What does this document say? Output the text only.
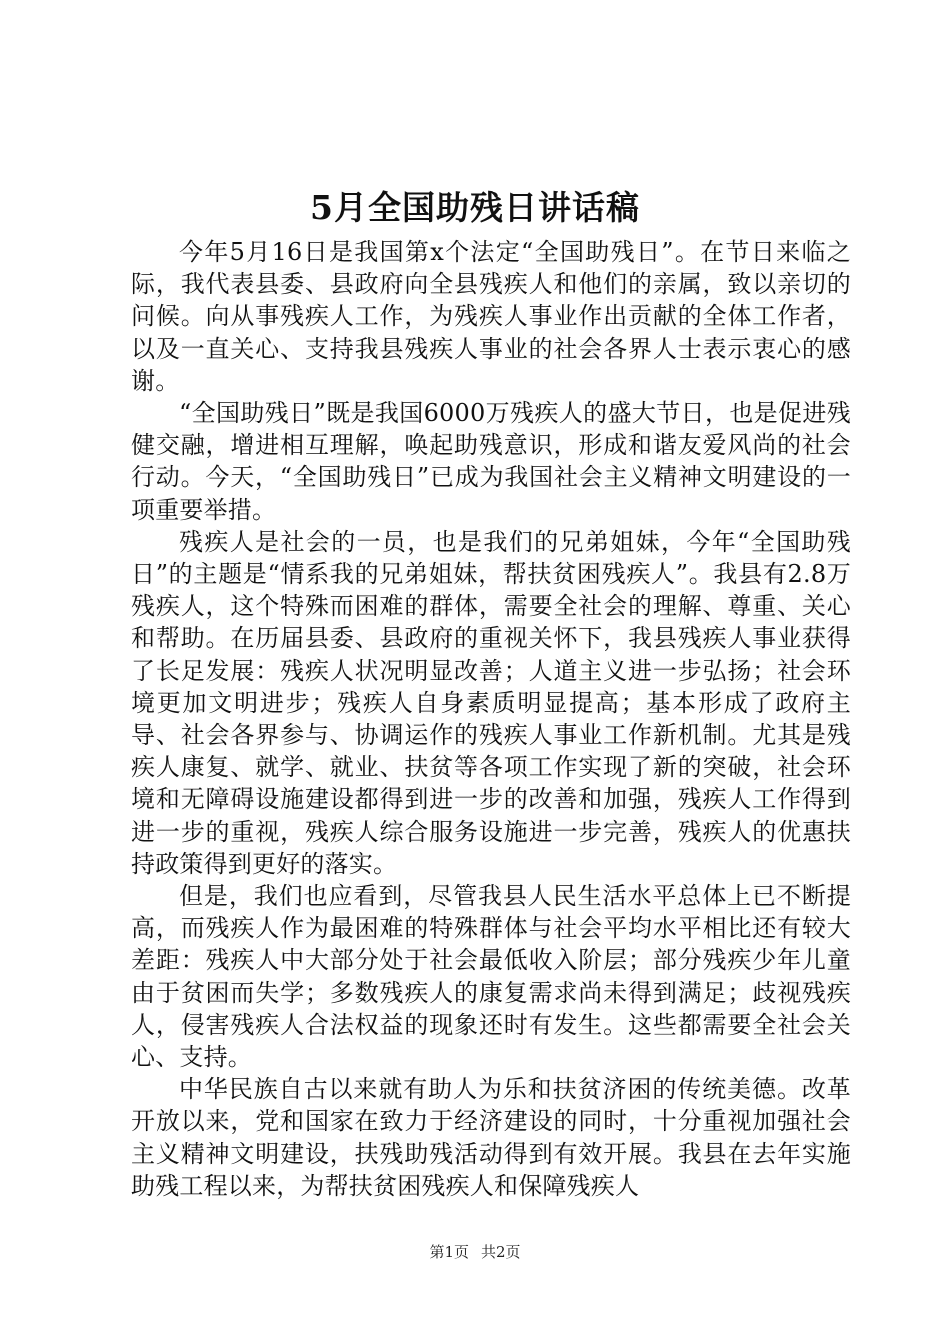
5月全国助残日讲话稿

今年5月16日是我国第x个法定“全国助残日”。在节日来临之际，我代表县委、县政府向全县残疾人和他们的亲属，致以亲切的问候。向从事残疾人工作，为残疾人事业作出贡献的全体工作者，以及一直关心、支持我县残疾人事业的社会各界人士表示衷心的感谢。

“全国助残日”既是我国6000万残疾人的盛大节日，也是促进残健交融，增进相互理解，唤起助残意识，形成和谐友爱风尚的社会行动。今天，“全国助残日”已成为我国社会主义精神文明建设的一项重要举措。

残疾人是社会的一员，也是我们的兄弟姐妹，今年“全国助残日”的主题是“情系我的兄弟姐妹，帮扶贫困残疾人”。我县有2.8万残疾人，这个特殊而困难的群体，需要全社会的理解、尊重、关心和帮助。在历届县委、县政府的重视关怀下，我县残疾人事业获得了长足发展：残疾人状况明显改善；人道主义进一步弘扬；社会环境更加文明进步；残疾人自身素质明显提高；基本形成了政府主导、社会各界参与、协调运作的残疾人事业工作新机制。尤其是残疾人康复、就学、就业、扶贫等各项工作实现了新的突破，社会环境和无障碍设施建设都得到进一步的改善和加强，残疾人工作得到进一步的重视，残疾人综合服务设施进一步完善，残疾人的优惠扶持政策得到更好的落实。

但是，我们也应看到，尽管我县人民生活水平总体上已不断提高，而残疾人作为最困难的特殊群体与社会平均水平相比还有较大差距：残疾人中大部分处于社会最低收入阶层；部分残疾少年儿童由于贫困而失学；多数残疾人的康复需求尚未得到满足；歧视残疾人，侵害残疾人合法权益的现象还时有发生。这些都需要全社会关心、支持。

中华民族自古以来就有助人为乐和扶贫济困的传统美德。改革开放以来，党和国家在致力于经济建设的同时，十分重视加强社会主义精神文明建设，扶残助残活动得到有效开展。我县在去年实施助残工程以来，为帮扶贫困残疾人和保障残疾人

第1页 共2页
